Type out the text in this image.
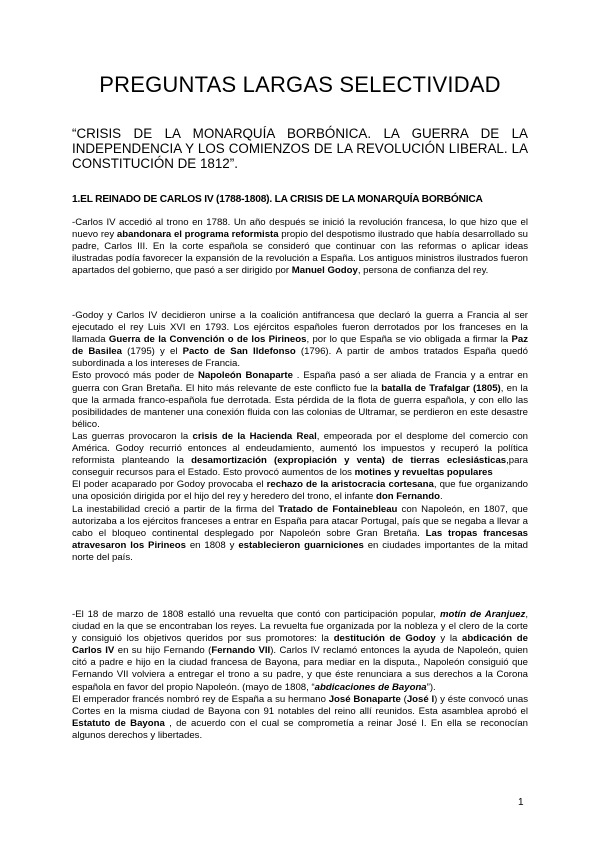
PREGUNTAS LARGAS SELECTIVIDAD
“CRISIS DE LA MONARQUÍA BORBÓNICA. LA GUERRA DE LA INDEPENDENCIA Y LOS COMIENZOS DE LA REVOLUCIÓN LIBERAL. LA CONSTITUCIÓN DE 1812”.
1.EL REINADO DE CARLOS IV (1788-1808). LA CRISIS DE LA MONARQUÍA BORBÓNICA

-Carlos IV accedió al trono en 1788. Un año después se inició la revolución francesa, lo que hizo que el nuevo rey abandonara el programa reformista propio del despotismo ilustrado que había desarrollado su padre, Carlos III. En la corte española se consideró que continuar con las reformas o aplicar ideas ilustradas podía favorecer la expansión de la revolución a España. Los antiguos ministros ilustrados fueron apartados del gobierno, que pasó a ser dirigido por Manuel Godoy, persona de confianza del rey.

-Godoy y Carlos IV decidieron unirse a la coalición antifrancesa que declaró la guerra a Francia al ser ejecutado el rey Luis XVI en 1793. Los ejércitos españoles fueron derrotados por los franceses en la llamada Guerra de la Convención o de los Pirineos, por lo que España se vio obligada a firmar la Paz de Basilea (1795) y el Pacto de San Ildefonso (1796). A partir de ambos tratados España quedó subordinada a los intereses de Francia.

Esto provocó más poder de Napoleón Bonaparte . España pasó a ser aliada de Francia y a entrar en guerra con Gran Bretaña. El hito más relevante de este conflicto fue la batalla de Trafalgar (1805), en la que la armada franco-española fue derrotada. Esta pérdida de la flota de guerra española, y con ello las posibilidades de mantener una conexión fluida con las colonias de Ultramar, se perdieron en este desastre bélico.

Las guerras provocaron la crisis de la Hacienda Real, empeorada por el desplome del comercio con América. Godoy recurrió entonces al endeudamiento, aumentó los impuestos y recuperó la política reformista planteando la desamortización (expropiación y venta) de tierras eclesiásticas,para conseguir recursos para el Estado. Esto provocó aumentos de los motines y revueltas populares

El poder acaparado por Godoy provocaba el rechazo de la aristocracia cortesana, que fue organizando una oposición dirigida por el hijo del rey y heredero del trono, el infante don Fernando.

La inestabilidad creció a partir de la firma del Tratado de Fontainebleau con Napoleón, en 1807, que autorizaba a los ejércitos franceses a entrar en España para atacar Portugal, país que se negaba a llevar a cabo el bloqueo continental desplegado por Napoleón sobre Gran Bretaña. Las tropas francesas atravesaron los Pirineos en 1808 y establecieron guarniciones en ciudades importantes de la mitad norte del país.

-El 18 de marzo de 1808 estalló una revuelta que contó con participación popular, motín de Aranjuez, ciudad en la que se encontraban los reyes. La revuelta fue organizada por la nobleza y el clero de la corte y consiguió los objetivos queridos por sus promotores: la destitución de Godoy y la abdicación de Carlos IV en su hijo Fernando (Fernando VII). Carlos IV reclamó entonces la ayuda de Napoleón, quien citó a padre e hijo en la ciudad francesa de Bayona, para mediar en la disputa., Napoleón consiguió que Fernando VII volviera a entregar el trono a su padre, y que éste renunciara a sus derechos a la Corona española en favor del propio Napoleón. (mayo de 1808, “abdicaciones de Bayona”).

El emperador francés nombró rey de España a su hermano José Bonaparte (José I) y éste convocó unas Cortes en la misma ciudad de Bayona con 91 notables del reino allí reunidos. Esta asamblea aprobó el Estatuto de Bayona , de acuerdo con el cual se comprometía a reinar José I. En ella se reconocían algunos derechos y libertades.

1
